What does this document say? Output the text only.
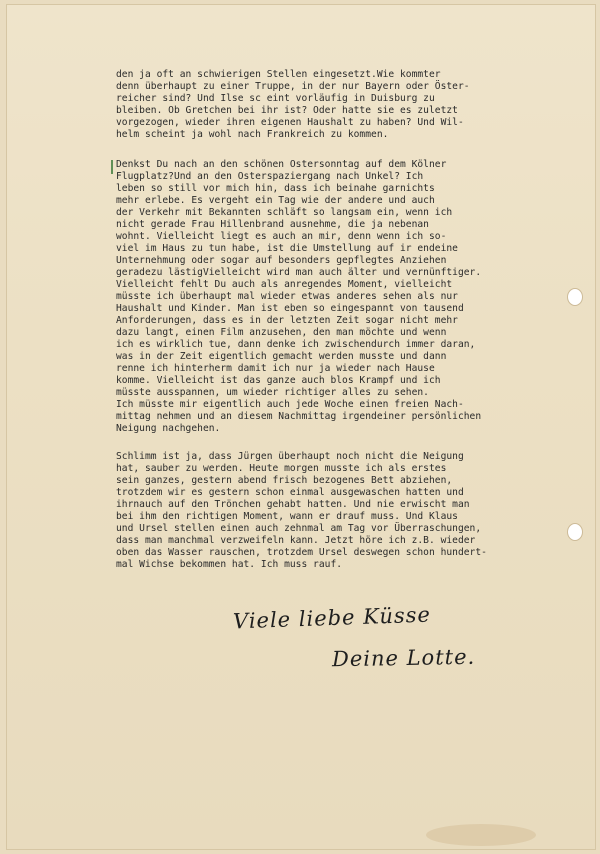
den ja oft an schwierigen Stellen eingesetzt.Wie kommter
denn überhaupt zu einer Truppe, in der nur Bayern oder Öster-
reicher sind? Und Ilse sc eint vorläufig in Duisburg zu
bleiben. Ob Gretchen bei ihr ist? Oder hatte sie es zuletzt
vorgezogen, wieder ihren eigenen Haushalt zu haben? Und Wil-
helm scheint ja wohl nach Frankreich zu kommen.
Denkst Du nach an den schönen Ostersonntag auf dem Kölner
Flugplatz?Und an den Osterspaziergang nach Unkel? Ich
leben so still vor mich hin, dass ich beinahe garnichts
mehr erlebe. Es vergeht ein Tag wie der andere und auch
der Verkehr mit Bekannten schläft so langsam ein, wenn ich
nicht gerade Frau Hillenbrand ausnehme, die ja nebenan
wohnt. Vielleicht liegt es auch an mir, denn wenn ich so-
viel im Haus zu tun habe, ist die Umstellung auf ir endeine
Unternehmung oder sogar auf besonders gepflegtes Anziehen
geradezu lästigVielleicht wird man auch älter und vernünftiger.
Vielleicht fehlt Du auch als anregendes Moment, vielleicht
müsste ich überhaupt mal wieder etwas anderes sehen als nur
Haushalt und Kinder. Man ist eben so eingespannt von tausend
Anforderungen, dass es in der letzten Zeit sogar nicht mehr
dazu langt, einen Film anzusehen, den man möchte und wenn
ich es wirklich tue, dann denke ich zwischendurch immer daran,
was in der Zeit eigentlich gemacht werden musste und dann
renne ich hinterherm damit ich nur ja wieder nach Hause
komme. Vielleicht ist das ganze auch blos Krampf und ich
müsste ausspannen, um wieder richtiger alles zu sehen.
Ich müsste mir eigentlich auch jede Woche einen freien Nach-
mittag nehmen und an diesem Nachmittag irgendeiner persönlichen
Neigung nachgehen.
Schlimm ist ja, dass Jürgen überhaupt noch nicht die Neigung
hat, sauber zu werden. Heute morgen musste ich als erstes
sein ganzes, gestern abend frisch bezogenes Bett abziehen,
trotzdem wir es gestern schon einmal ausgewaschen hatten und
ihrnauch auf den Trönchen gehabt hatten. Und nie erwischt man
bei ihm den richtigen Moment, wann er drauf muss. Und Klaus
und Ursel stellen einen auch zehnmal am Tag vor Überraschungen,
dass man manchmal verzweifeln kann. Jetzt höre ich z.B. wieder
oben das Wasser rauschen, trotzdem Ursel deswegen schon hundert-
mal Wichse bekommen hat. Ich muss rauf.
Viele liebe Küsse
Deine Lotte.
